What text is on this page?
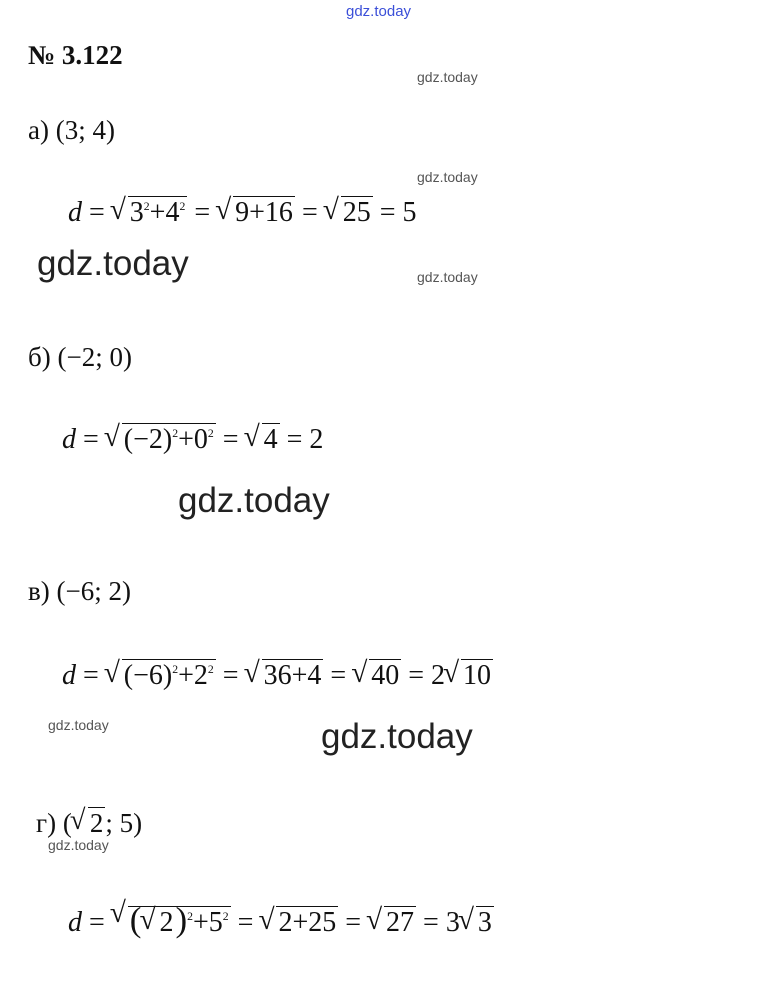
gdz.today
gdz.today
gdz.today
gdz.today
gdz.today
gdz.today
gdz.today	gdz.today
gdz.today
№ 3.122
а) (3; 4)
d = √ $3^2+4^2$ = √ 9+16 = √ 25 = 5
б) (−2; 0)
d = √ $(-2)^2+0^2$ = √ 4 = 2
в) (−6; 2)
d = √ $(-6)^2+2^2$ = √ 36+4 = √ 40 = 2 √ 10
г) ( √ 2; 5)
d = √ ( √ $2)^2+5^2$ = √ 2+25 = √ 27 = 3 √ 3
